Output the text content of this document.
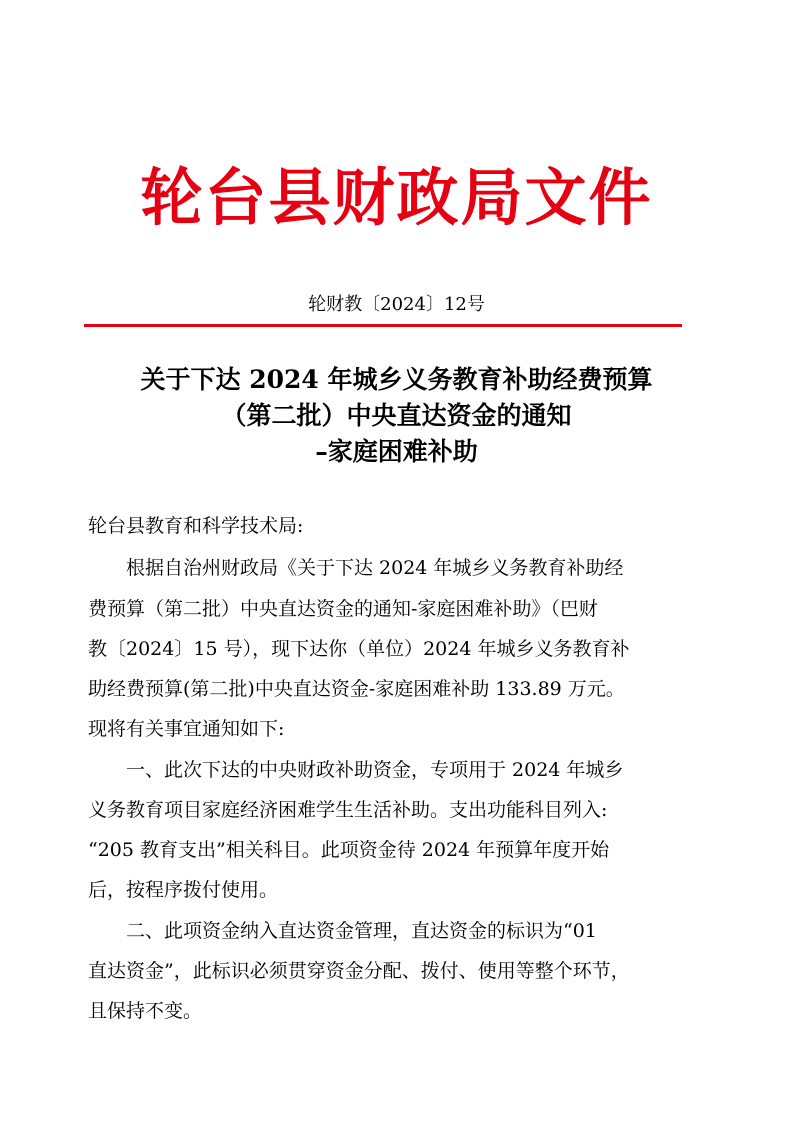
轮台县财政局文件
轮财教〔2024〕12号
关于下达 2024 年城乡义务教育补助经费预算
（第二批）中央直达资金的通知
–家庭困难补助
轮台县教育和科学技术局:
根据自治州财政局《关于下达 2024 年城乡义务教育补助经
费预算（第二批）中央直达资金的通知-家庭困难补助》（巴财
教〔2024〕15 号），现下达你（单位）2024 年城乡义务教育补
助经费预算(第二批)中央直达资金-家庭困难补助 133.89 万元。
现将有关事宜通知如下:
一、此次下达的中央财政补助资金，专项用于 2024 年城乡
义务教育项目家庭经济困难学生生活补助。支出功能科目列入:
“205 教育支出”相关科目。此项资金待 2024 年预算年度开始
后，按程序拨付使用。
二、此项资金纳入直达资金管理，直达资金的标识为“01
直达资金”，此标识必须贯穿资金分配、拨付、使用等整个环节，
且保持不变。
